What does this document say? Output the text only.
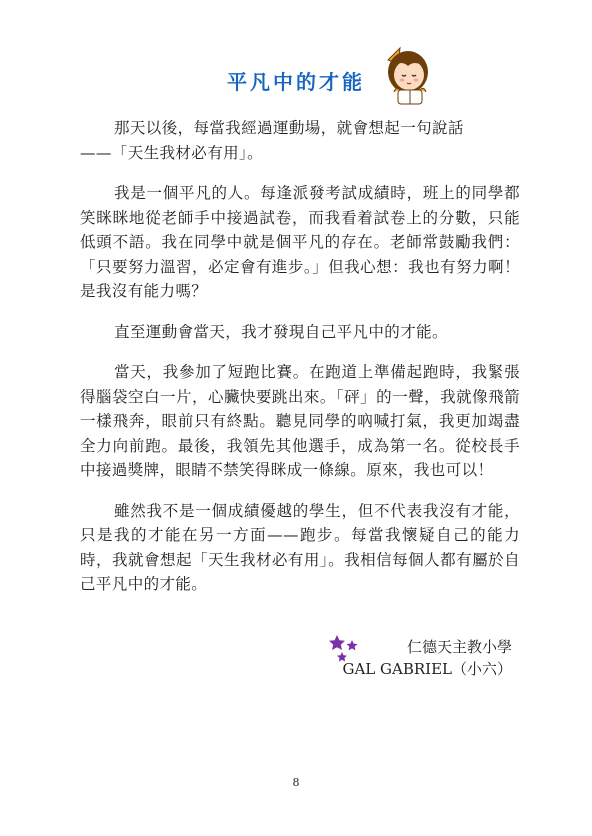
平凡中的才能

那天以後，每當我經過運動場，就會想起一句說話
——「天生我材必有用」。

我是一個平凡的人。每逢派發考試成績時，班上的同學都笑眯眯地從老師手中接過試卷，而我看着試卷上的分數，只能低頭不語。我在同學中就是個平凡的存在。老師常鼓勵我們：「只要努力溫習，必定會有進步。」但我心想：我也有努力啊！是我沒有能力嗎？

直至運動會當天，我才發現自己平凡中的才能。

當天，我參加了短跑比賽。在跑道上準備起跑時，我緊張得腦袋空白一片，心臟快要跳出來。「砰」的一聲，我就像飛箭一樣飛奔，眼前只有終點。聽見同學的吶喊打氣，我更加竭盡全力向前跑。最後，我領先其他選手，成為第一名。從校長手中接過獎牌，眼睛不禁笑得眯成一條線。原來，我也可以！

雖然我不是一個成績優越的學生，但不代表我沒有才能，只是我的才能在另一方面——跑步。每當我懷疑自己的能力時，我就會想起「天生我材必有用」。我相信每個人都有屬於自己平凡中的才能。

仁德天主教小學
GAL GABRIEL（小六）
8
